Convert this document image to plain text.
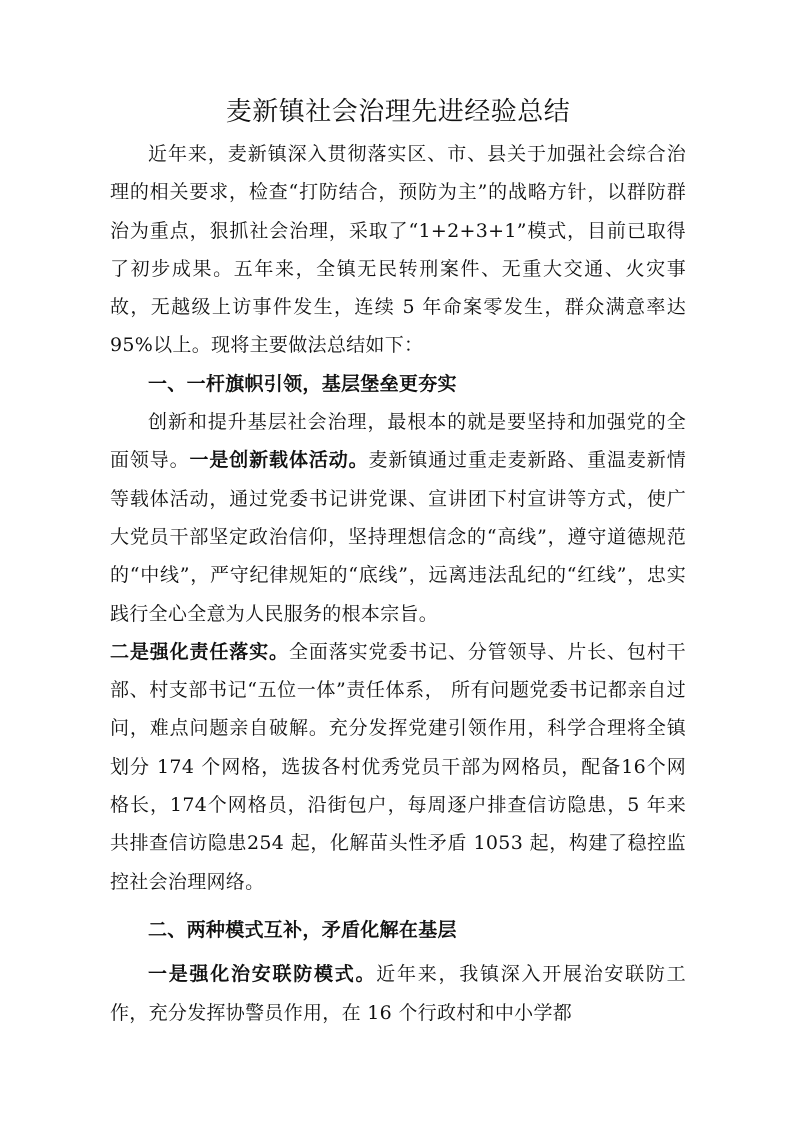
麦新镇社会治理先进经验总结

近年来，麦新镇深入贯彻落实区、市、县关于加强社会综合治理的相关要求，检查“打防结合，预防为主”的战略方针，以群防群治为重点，狠抓社会治理，采取了“1+2+3+1”模式，目前已取得了初步成果。五年来，全镇无民转刑案件、无重大交通、火灾事故，无越级上访事件发生，连续 5 年命案零发生，群众满意率达 95%以上。现将主要做法总结如下：

一、一杆旗帜引领，基层堡垒更夯实

创新和提升基层社会治理，最根本的就是要坚持和加强党的全面领导。一是创新载体活动。麦新镇通过重走麦新路、重温麦新情等载体活动，通过党委书记讲党课、宣讲团下村宣讲等方式，使广大党员干部坚定政治信仰，坚持理想信念的“高线”，遵守道德规范的“中线”，严守纪律规矩的“底线”，远离违法乱纪的“红线”，忠实践行全心全意为人民服务的根本宗旨。
二是强化责任落实。全面落实党委书记、分管领导、片长、包村干部、村支部书记“五位一体”责任体系， 所有问题党委书记都亲自过问，难点问题亲自破解。充分发挥党建引领作用，科学合理将全镇划分 174 个网格，选拔各村优秀党员干部为网格员，配备16个网格长，174个网格员，沿街包户，每周逐户排查信访隐患，5 年来共排查信访隐患254 起，化解苗头性矛盾 1053 起，构建了稳控监控社会治理网络。

二、两种模式互补，矛盾化解在基层

一是强化治安联防模式。近年来，我镇深入开展治安联防工作，充分发挥协警员作用，在 16 个行政村和中小学都
